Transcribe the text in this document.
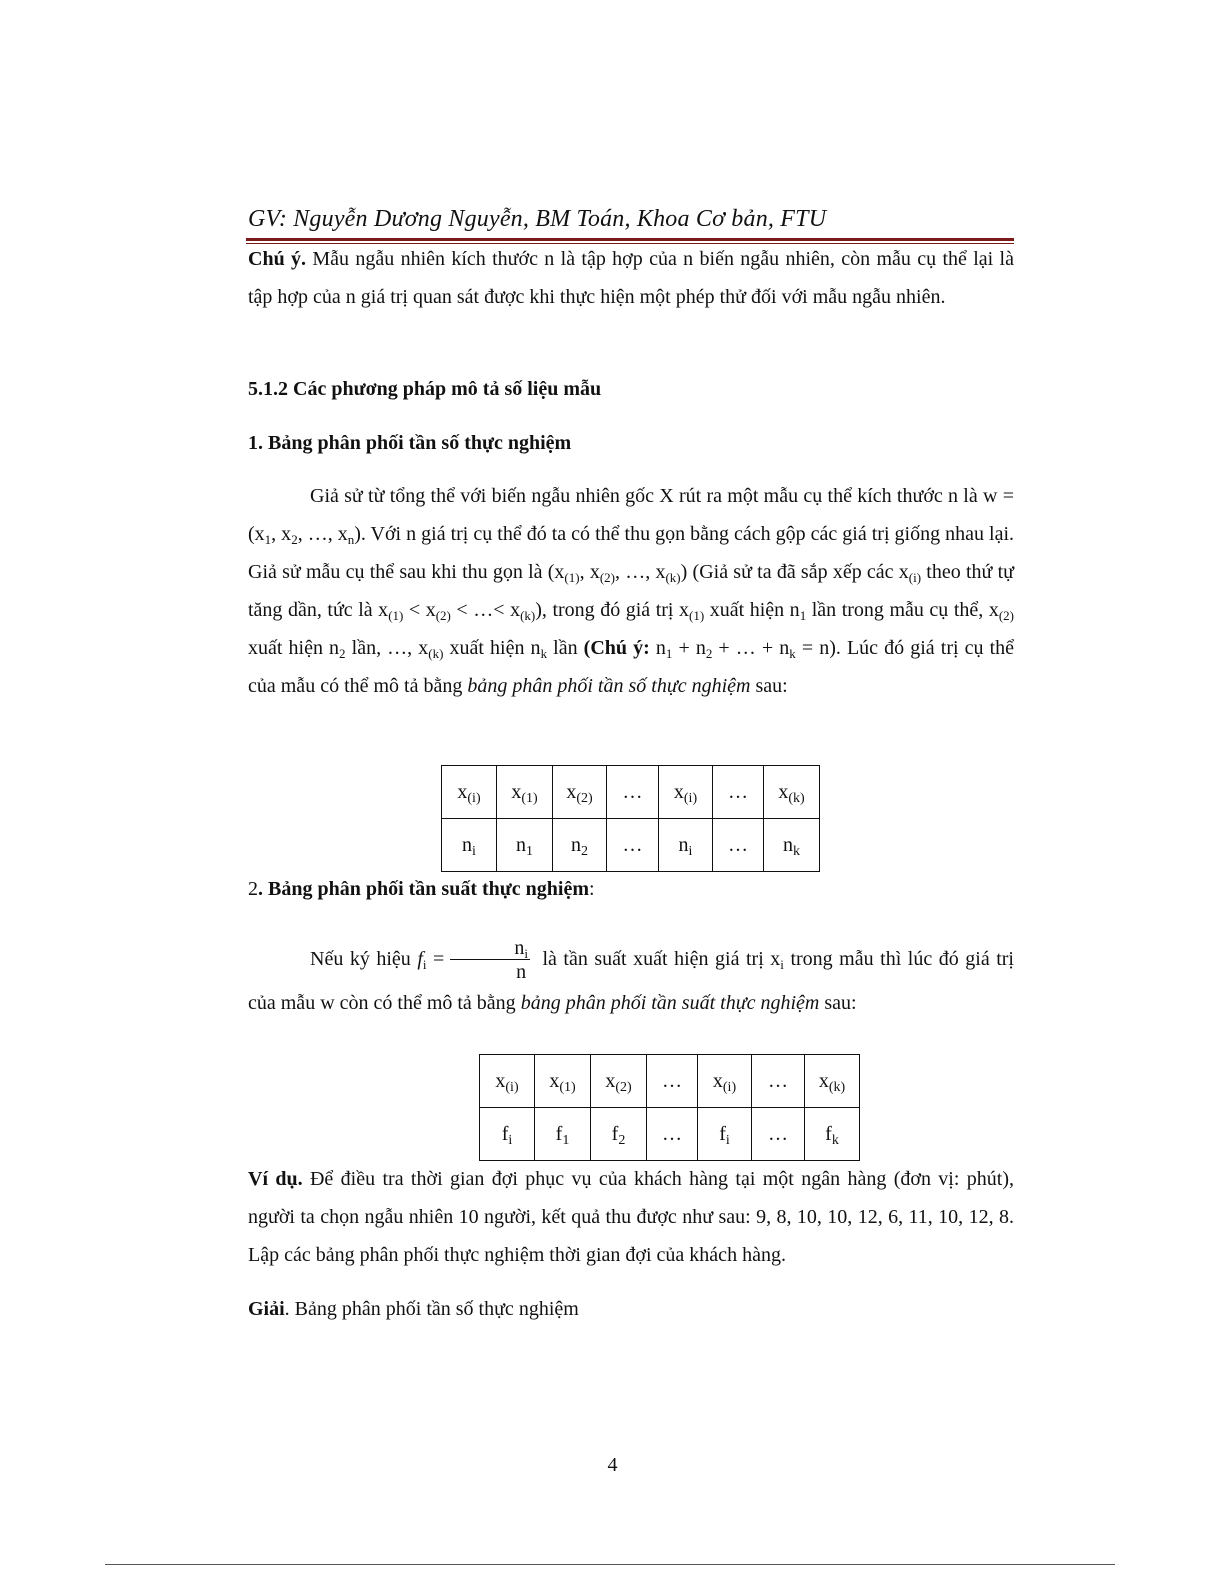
GV: Nguyễn Dương Nguyễn, BM Toán, Khoa Cơ bản, FTU
Chú ý. Mẫu ngẫu nhiên kích thước n là tập hợp của n biến ngẫu nhiên, còn mẫu cụ thể lại là tập hợp của n giá trị quan sát được khi thực hiện một phép thử đối với mẫu ngẫu nhiên.
5.1.2 Các phương pháp mô tả số liệu mẫu
1. Bảng phân phối tần số thực nghiệm
Giả sử từ tổng thể với biến ngẫu nhiên gốc X rút ra một mẫu cụ thể kích thước n là $w = (x_1$, $x_2$, …, $x_n$). Với n giá trị cụ thể đó ta có thể thu gọn bằng cách gộp các giá trị giống nhau lại. Giả sử mẫu cụ thể sau khi thu gọn là ($x_{(1)}$, $x_{(2)}$, …, $x_{(k)}$) (Giả sử ta đã sắp xếp các $x_{(i)}$ theo thứ tự tăng dần, tức là $x_{(1)} < x_{(2)}$ < …< $x_{(k)}$), trong đó giá trị $x_{(1)}$ xuất hiện $n_1$ lần trong mẫu cụ thể, $x_{(2)}$ xuất hiện $n_2$ lần, …, $x_{(k)}$ xuất hiện $n_k$ lần (Chú ý: $n_1 + n_2$ + … + $n_k = n$). Lúc đó giá trị cụ thể của mẫu có thể mô tả bằng bảng phân phối tần số thực nghiệm sau:
$x_{(i)}$	$x_{(1)}$	$x_{(2)}$	…	$x_{(i)}$	…	$x_{(k)}$
$n_i$	$n_1$	$n_2$	…	$n_i$	…	$n_k$
2. Bảng phân phối tần suất thực nghiệm:
Nếu ký hiệu $f_i = \frac{n_i}{n}$ là tần suất xuất hiện giá trị $x_i$ trong mẫu thì lúc đó giá trị của mẫu w còn có thể mô tả bằng bảng phân phối tần suất thực nghiệm sau:
$x_{(i)}$	$x_{(1)}$	$x_{(2)}$	…	$x_{(i)}$	…	$x_{(k)}$
$f_i$	$f_1$	$f_2$	…	$f_i$	…	$f_k$
Ví dụ. Để điều tra thời gian đợi phục vụ của khách hàng tại một ngân hàng (đơn vị: phút), người ta chọn ngẫu nhiên 10 người, kết quả thu được như sau: 9, 8, 10, 10, 12, 6, 11, 10, 12, 8. Lập các bảng phân phối thực nghiệm thời gian đợi của khách hàng.
Giải. Bảng phân phối tần số thực nghiệm
4
